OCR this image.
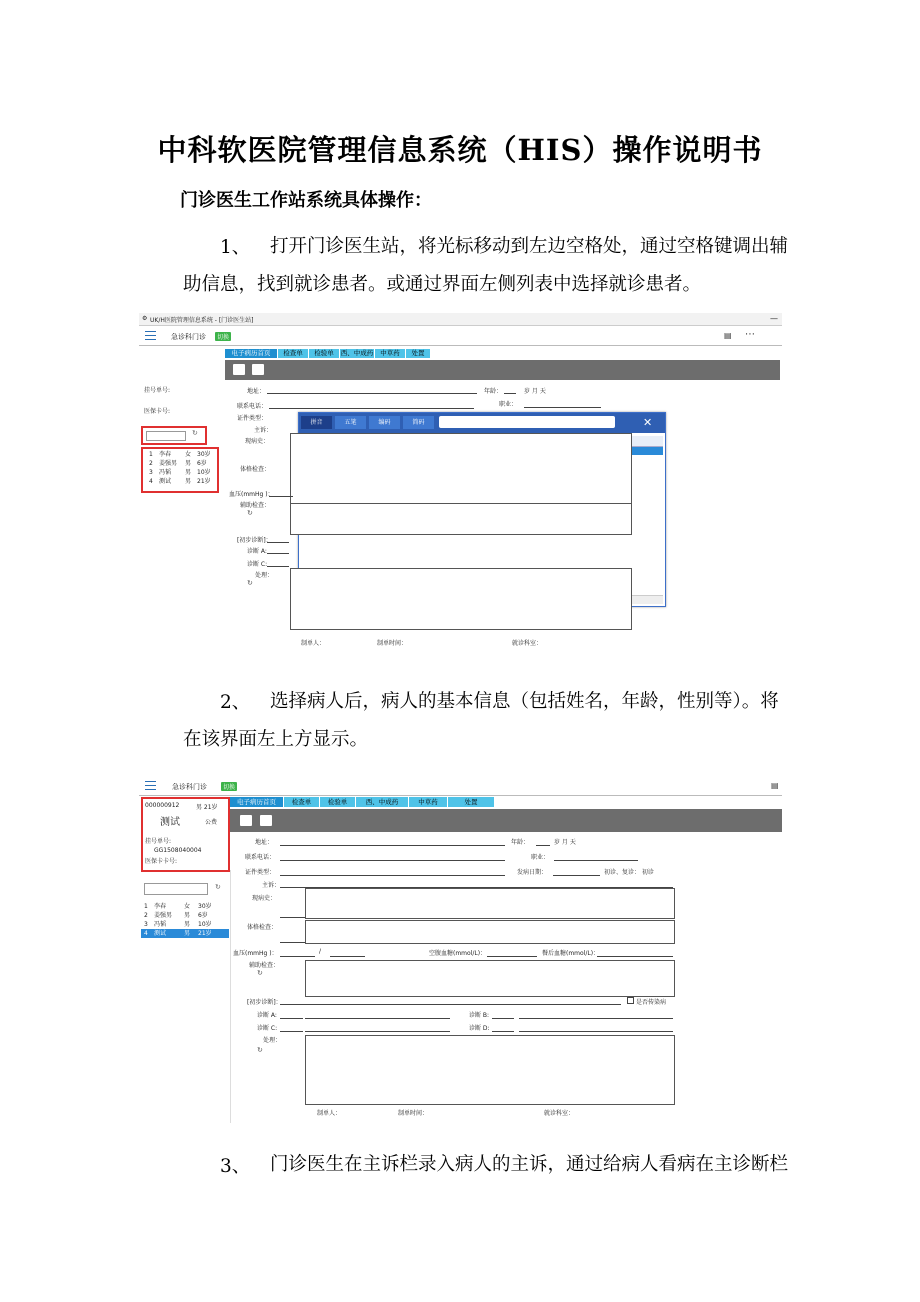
中科软医院管理信息系统（HIS）操作说明书
门诊医生工作站系统具体操作：
1、 打开门诊医生站，将光标移动到左边空格处，通过空格键调出辅
助信息，找到就诊患者。或通过界面左侧列表中选择就诊患者。
⚙ UK/H医院管理信息系统 - [门诊医生站]	—
急诊科门诊	切换	▤ ⋯
电子病历首页	检查单	检验单	西、中成药	中草药	处置
挂号单号:
医保卡号:
↻
1	李春	女 30岁
2	姜强男	男 6岁
3	冯韬	男 10岁
4	测试	男 21岁
拼音	五笔	编码	简码	✕
地址：	年龄：	岁 月 天
联系电话：	职业：
证件类型：
主诉：
现病史：
体格检查：
血压(mmHg )：
辅助检查：
↻
[初步诊断]：
诊断 A:
诊断 C:
处理：
↻
制单人：	制单时间：	就诊科室：
2、 选择病人后，病人的基本信息（包括姓名，年龄，性别等）。将
在该界面左上方显示。
急诊科门诊	切换	▤
电子病历首页	检查单	检验单	西、中成药	中草药	处置
000000912	男 21岁
测试	公费
挂号单号:
GG1508040004
医保卡卡号:
↻
1	李春	女	30岁
2	姜强男	男	6岁
3	冯韬	男	10岁
4	测试	男	21岁
地址：	年龄：	岁 月 天
联系电话：	职业：
证件类型：	发病日期：	初诊、复诊： 初诊
主诉：
现病史：
体格检查：
血压(mmHg )：	/	空腹血糖(mmol/L)：	餐后血糖(mmol/L)：
辅助检查：
↻
[初步诊断]：	是否传染病
诊断 A:	诊断 B:
诊断 C:	诊断 D:
处理：
↻
制单人：	制单时间：	就诊科室：
3、 门诊医生在主诉栏录入病人的主诉，通过给病人看病在主诊断栏
